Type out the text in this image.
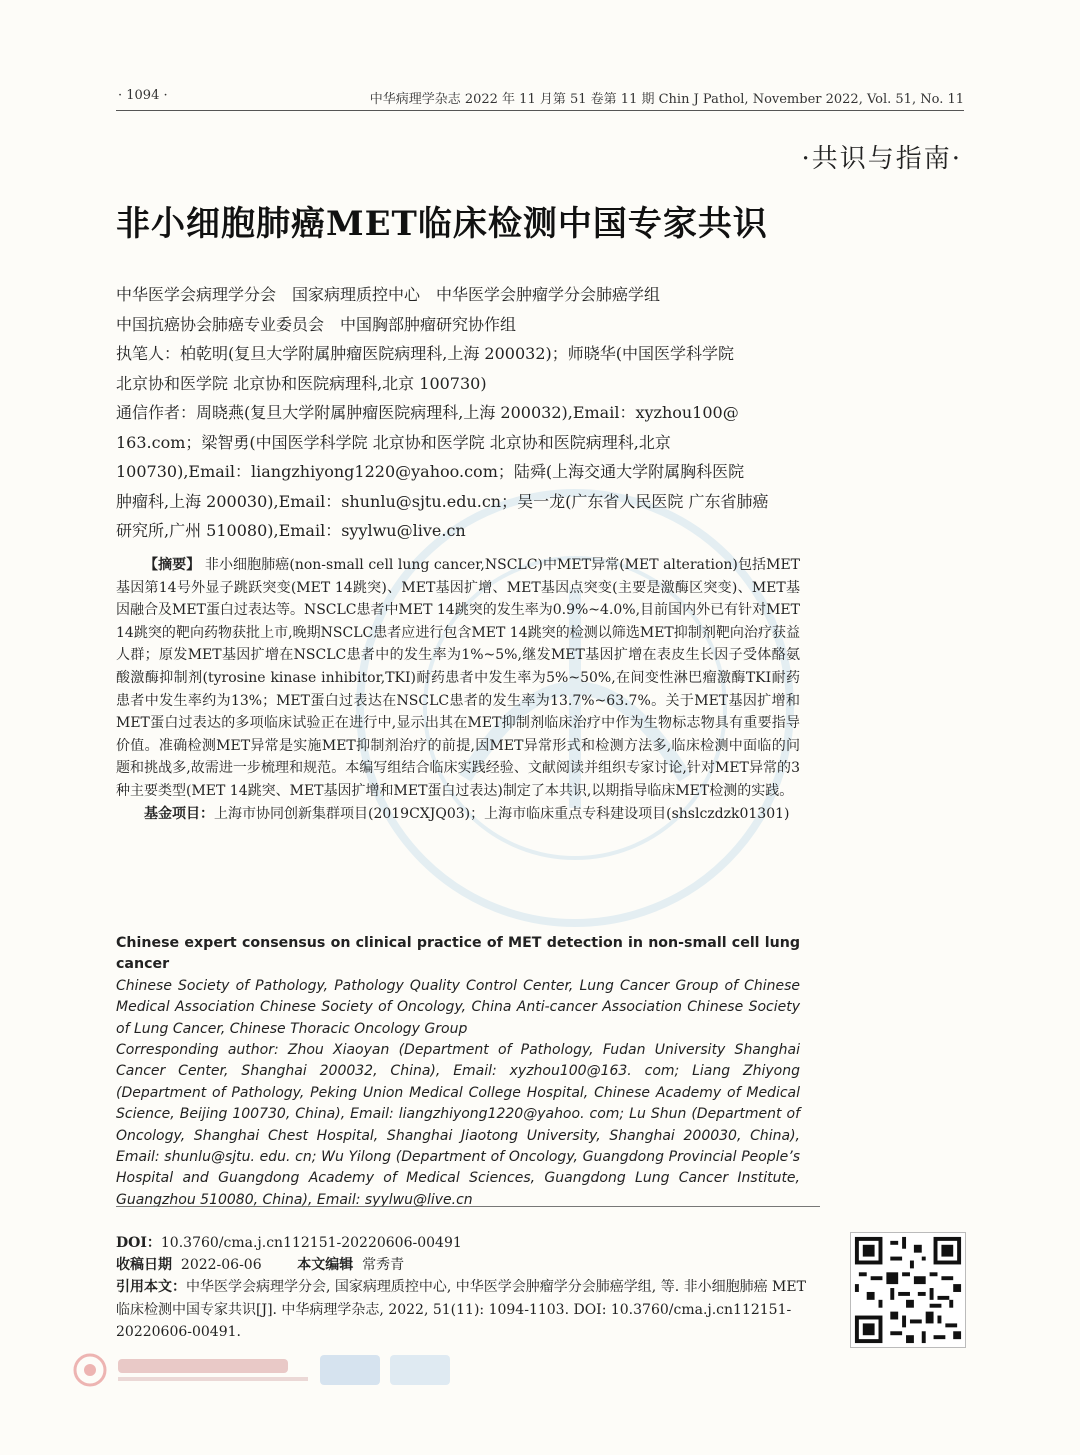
· 1094 ·	中华病理学杂志 2022 年 11 月第 51 卷第 11 期 Chin J Pathol, November 2022, Vol. 51, No. 11
·共识与指南·
非小细胞肺癌MET临床检测中国专家共识
中华医学会病理学分会　国家病理质控中心　中华医学会肿瘤学分会肺癌学组
中国抗癌协会肺癌专业委员会　中国胸部肿瘤研究协作组
执笔人：柏乾明(复旦大学附属肿瘤医院病理科,上海 200032)；师晓华(中国医学科学院
北京协和医学院 北京协和医院病理科,北京 100730)
通信作者：周晓燕(复旦大学附属肿瘤医院病理科,上海 200032),Email：xyzhou100@
163.com；梁智勇(中国医学科学院 北京协和医学院 北京协和医院病理科,北京
100730),Email：liangzhiyong1220@yahoo.com；陆舜(上海交通大学附属胸科医院
肿瘤科,上海 200030),Email：shunlu@sjtu.edu.cn；吴一龙(广东省人民医院 广东省肺癌
研究所,广州 510080),Email：syylwu@live.cn

【摘要】 非小细胞肺癌(non-small cell lung cancer,NSCLC)中MET异常(MET alteration)包括MET基因第14号外显子跳跃突变(MET 14跳突)、MET基因扩增、MET基因点突变(主要是激酶区突变)、MET基因融合及MET蛋白过表达等。NSCLC患者中MET 14跳突的发生率为0.9%~4.0%,目前国内外已有针对MET 14跳突的靶向药物获批上市,晚期NSCLC患者应进行包含MET 14跳突的检测以筛选MET抑制剂靶向治疗获益人群；原发MET基因扩增在NSCLC患者中的发生率为1%~5%,继发MET基因扩增在表皮生长因子受体酪氨酸激酶抑制剂(tyrosine kinase inhibitor,TKI)耐药患者中发生率为5%~50%,在间变性淋巴瘤激酶TKI耐药患者中发生率约为13%；MET蛋白过表达在NSCLC患者的发生率为13.7%~63.7%。关于MET基因扩增和MET蛋白过表达的多项临床试验正在进行中,显示出其在MET抑制剂临床治疗中作为生物标志物具有重要指导价值。准确检测MET异常是实施MET抑制剂治疗的前提,因MET异常形式和检测方法多,临床检测中面临的问题和挑战多,故需进一步梳理和规范。本编写组结合临床实践经验、文献阅读并组织专家讨论,针对MET异常的3种主要类型(MET 14跳突、MET基因扩增和MET蛋白过表达)制定了本共识,以期指导临床MET检测的实践。

基金项目：上海市协同创新集群项目(2019CXJQ03)；上海市临床重点专科建设项目(shslczdzk01301)

Chinese expert consensus on clinical practice of MET detection in non-small cell lung cancer

Chinese Society of Pathology, Pathology Quality Control Center, Lung Cancer Group of Chinese Medical Association Chinese Society of Oncology, China Anti-cancer Association Chinese Society of Lung Cancer, Chinese Thoracic Oncology Group

Corresponding author: Zhou Xiaoyan (Department of Pathology, Fudan University Shanghai Cancer Center, Shanghai 200032, China), Email: xyzhou100@163. com; Liang Zhiyong (Department of Pathology, Peking Union Medical College Hospital, Chinese Academy of Medical Science, Beijing 100730, China), Email: liangzhiyong1220@yahoo. com; Lu Shun (Department of Oncology, Shanghai Chest Hospital, Shanghai Jiaotong University, Shanghai 200030, China), Email: shunlu@sjtu. edu. cn; Wu Yilong (Department of Oncology, Guangdong Provincial People’s Hospital and Guangdong Academy of Medical Sciences, Guangdong Lung Cancer Institute, Guangzhou 510080, China), Email: syylwu@live.cn

DOI：10.3760/cma.j.cn112151-20220606-00491

收稿日期 2022-06-06	本文编辑 常秀青

引用本文：中华医学会病理学分会, 国家病理质控中心, 中华医学会肿瘤学分会肺癌学组, 等. 非小细胞肺癌 MET 临床检测中国专家共识[J]. 中华病理学杂志, 2022, 51(11): 1094-1103. DOI: 10.3760/cma.j.cn112151-20220606-00491.
